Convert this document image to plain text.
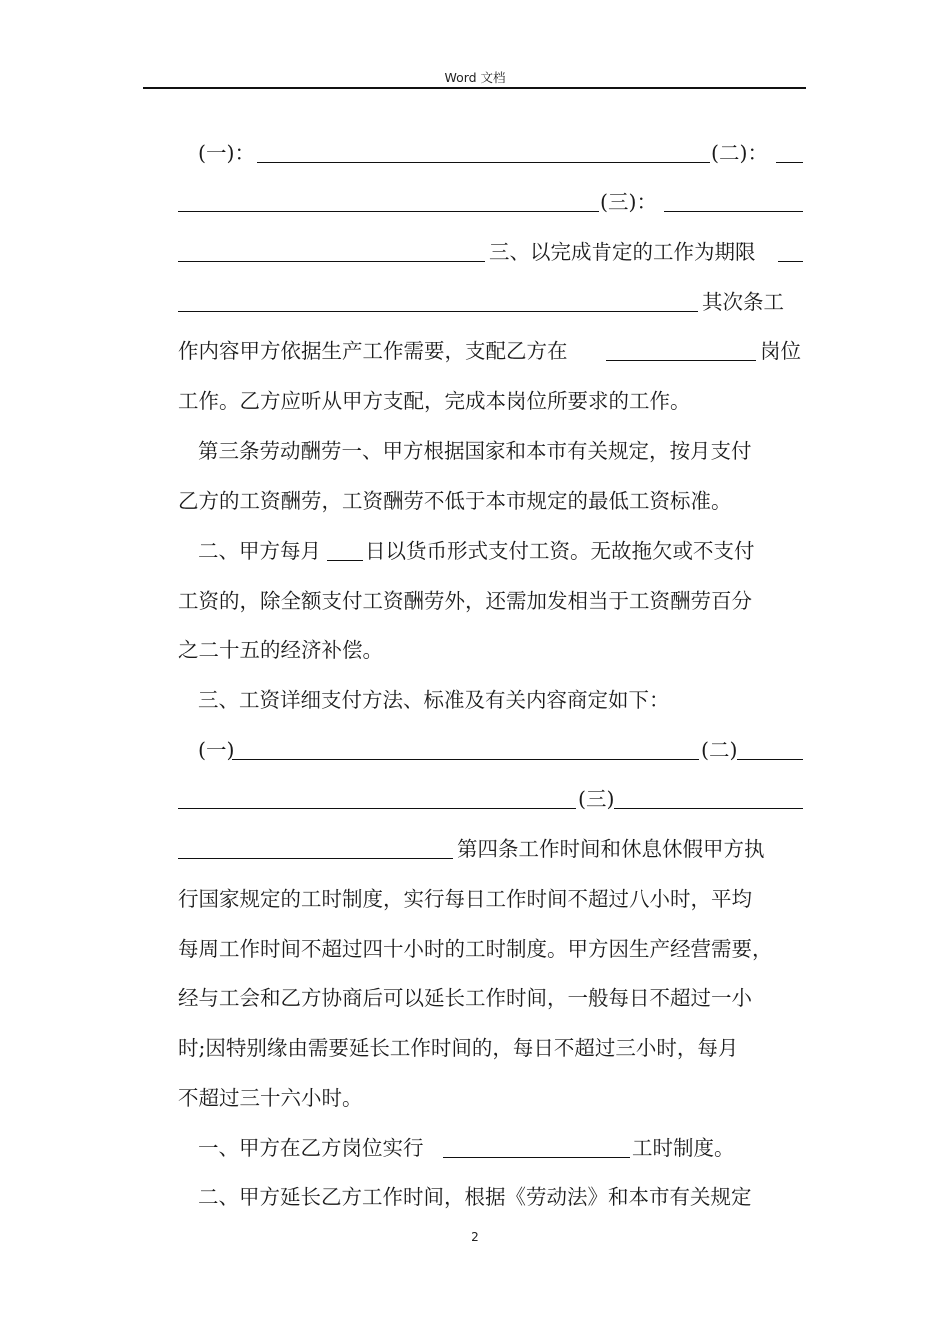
Word 文档
(一)：	(二)：
(三)：
三、以完成肯定的工作为期限
其次条工
作内容甲方依据生产工作需要，支配乙方在	岗位
工作。乙方应听从甲方支配，完成本岗位所要求的工作。
第三条劳动酬劳一、甲方根据国家和本市有关规定，按月支付
乙方的工资酬劳，工资酬劳不低于本市规定的最低工资标准。
二、甲方每月 日以货币形式支付工资。无故拖欠或不支付
工资的，除全额支付工资酬劳外，还需加发相当于工资酬劳百分
之二十五的经济补偿。
三、工资详细支付方法、标准及有关内容商定如下：
(一)	(二)
(三)
第四条工作时间和休息休假甲方执
行国家规定的工时制度，实行每日工作时间不超过八小时，平均
每周工作时间不超过四十小时的工时制度。甲方因生产经营需要，
经与工会和乙方协商后可以延长工作时间，一般每日不超过一小
时;因特别缘由需要延长工作时间的，每日不超过三小时，每月
不超过三十六小时。
一、甲方在乙方岗位实行	工时制度。
二、甲方延长乙方工作时间，根据《劳动法》和本市有关规定
2
